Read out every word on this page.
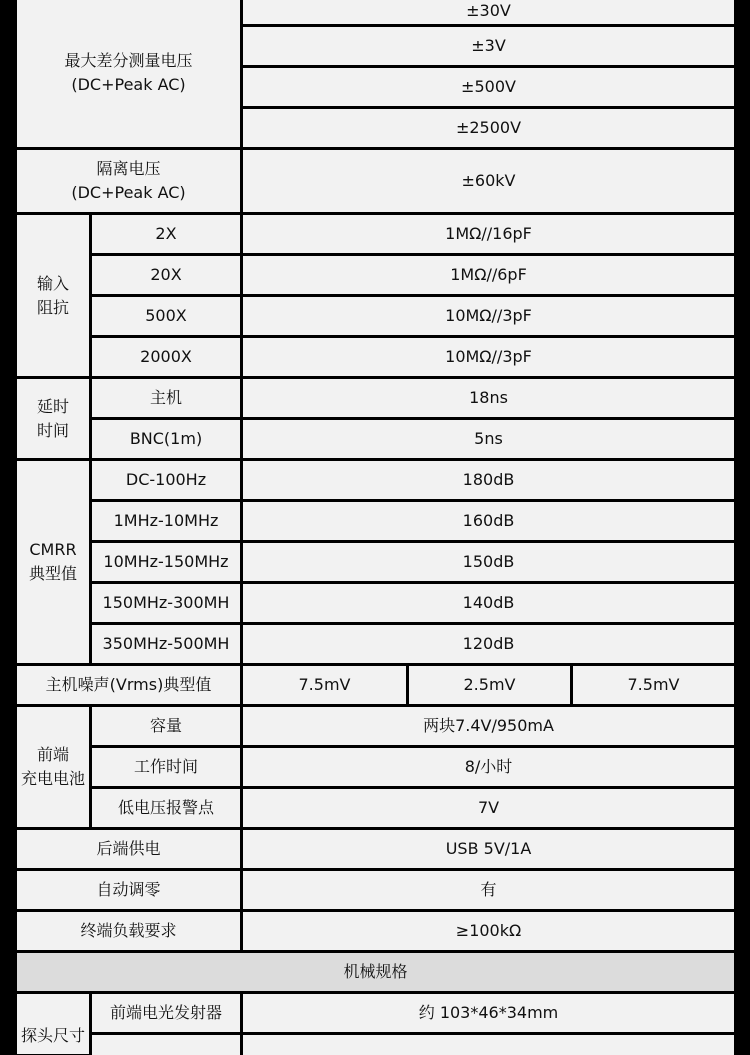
最大差分测量电压
(DC+Peak AC)
±30V
±3V
±500V
±2500V
隔离电压
(DC+Peak AC)
±60kV
输入
阻抗
2X	1MΩ//16pF
20X	1MΩ//6pF
500X	10MΩ//3pF
2000X	10MΩ//3pF
延时
时间
主机	18ns
BNC(1m)	5ns
CMRR
典型值
DC-100Hz	180dB
1MHz-10MHz	160dB
10MHz-150MHz	150dB
150MHz-300MH	140dB
350MHz-500MH	120dB
主机噪声(Vrms)典型值	7.5mV	2.5mV	7.5mV
前端
充电电池
容量	两块7.4V/950mA
工作时间	8/小时
低电压报警点	7V
后端供电	USB 5V/1A
自动调零	有
终端负载要求	≥100kΩ
机械规格
探头尺寸
前端电光发射器	约 103*46*34mm
